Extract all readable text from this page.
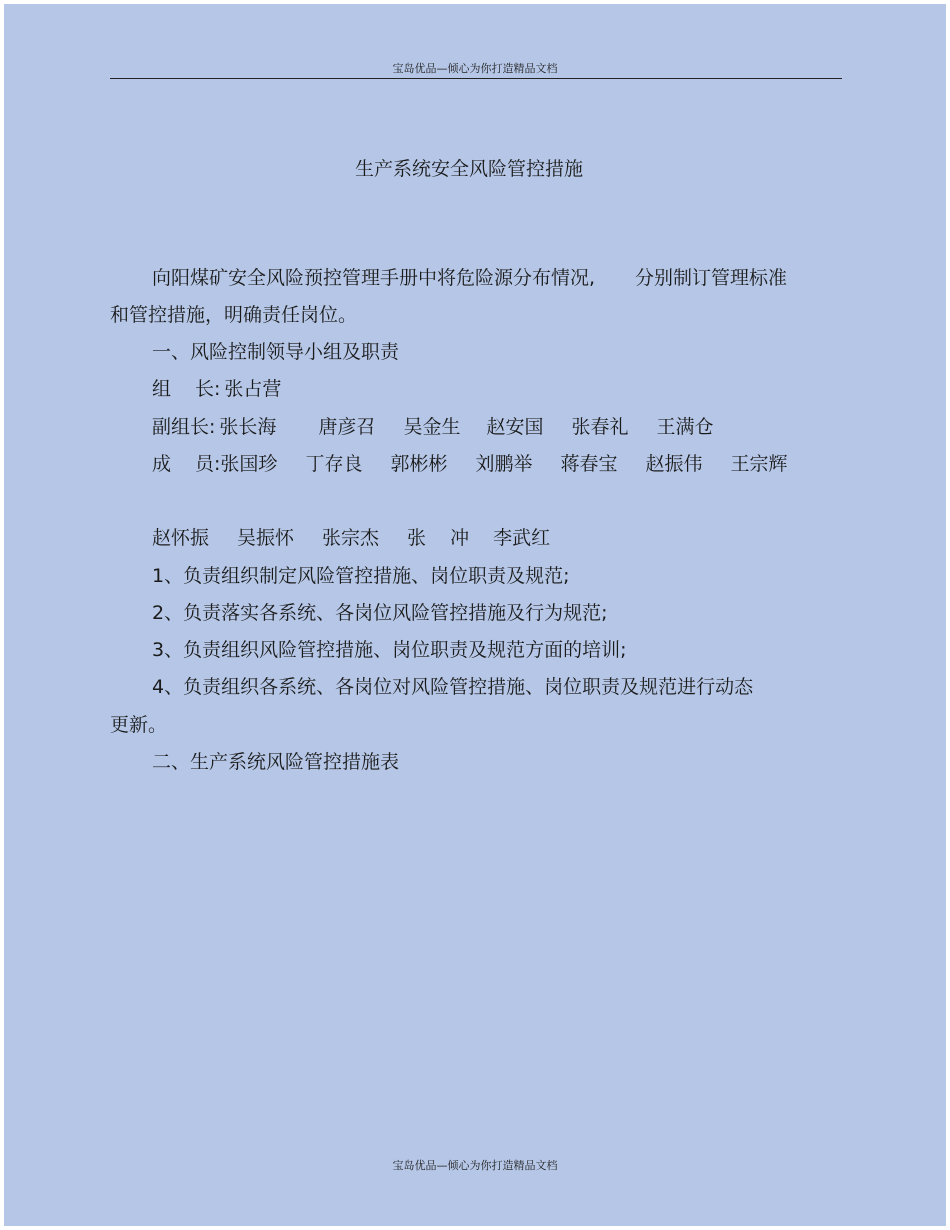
宝岛优品—倾心为你打造精品文档
生产系统安全风险管控措施
向阳煤矿安全风险预控管理手册中将危险源分布情况, 分别制订管理标准
和管控措施，明确责任岗位。
一、风险控制领导小组及职责
组 长: 张占营
副组长: 张长海 唐彦召 吴金生 赵安国 张春礼 王满仓
成 员:张国珍 丁存良 郭彬彬 刘鹏举 蒋春宝 赵振伟 王宗辉
赵怀振 吴振怀 张宗杰 张 冲 李武红
1、负责组织制定风险管控措施、岗位职责及规范;
2、负责落实各系统、各岗位风险管控措施及行为规范;
3、负责组织风险管控措施、岗位职责及规范方面的培训;
4、负责组织各系统、各岗位对风险管控措施、岗位职责及规范进行动态
更新。
二、生产系统风险管控措施表
宝岛优品—倾心为你打造精品文档
